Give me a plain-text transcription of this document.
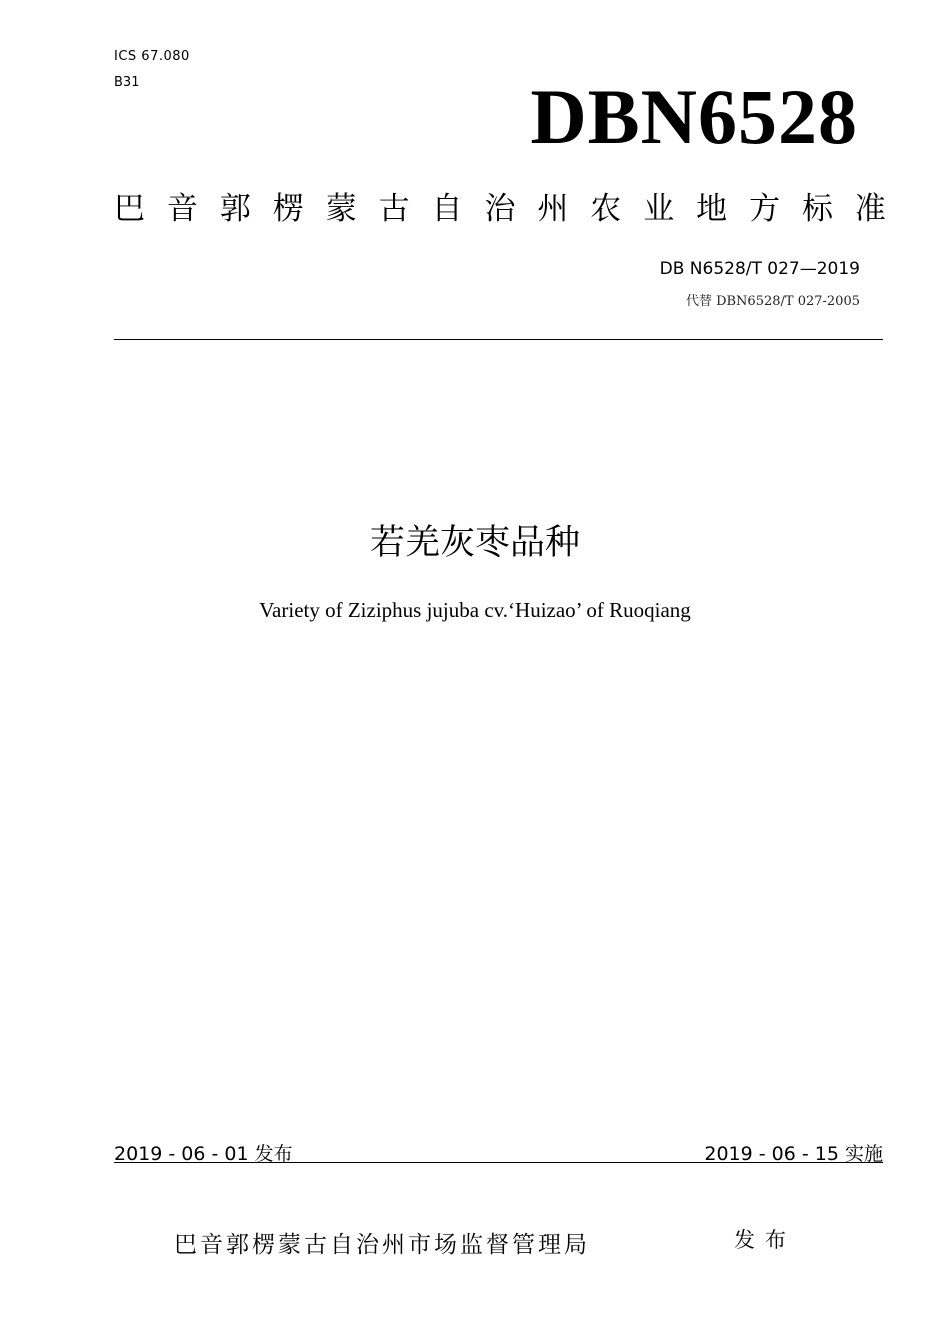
ICS 67.080
B31	DBN6528
巴 音 郭 楞 蒙 古 自 治 州 农 业 地 方 标 准
DB N6528/T 027—2019
代替 DBN6528/T 027-2005
若羌灰枣品种
Variety of Ziziphus jujuba cv.‘Huizao’ of Ruoqiang
2019 - 06 - 01 发布	2019 - 06 - 15 实施
巴音郭楞蒙古自治州市场监督管理局	发布
